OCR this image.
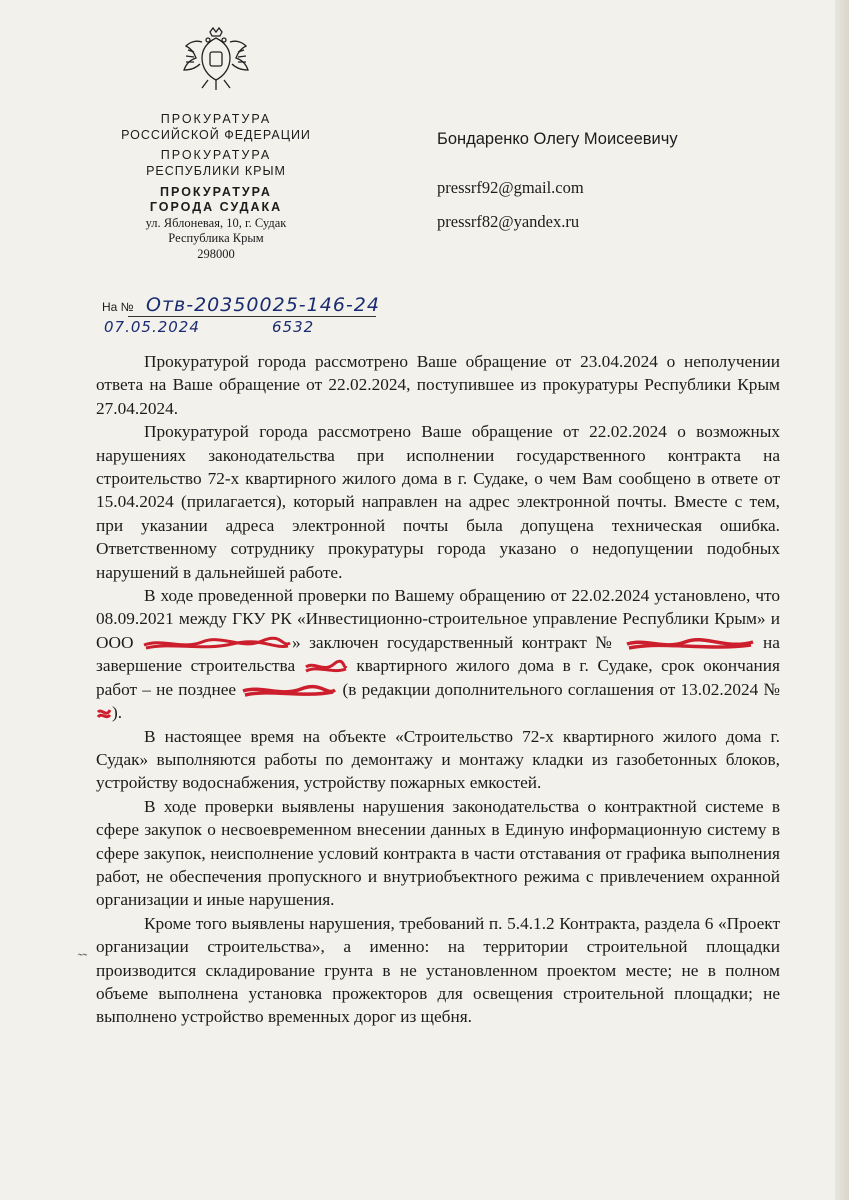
ПРОКУРАТУРА
РОССИЙСКОЙ ФЕДЕРАЦИИ
ПРОКУРАТУРА
РЕСПУБЛИКИ КРЫМ
ПРОКУРАТУРА
ГОРОДА СУДАКА
ул. Яблоневая, 10, г. Судак
Республика Крым
298000
Бондаренко Олегу Моисеевичу
pressrf92@gmail.com
pressrf82@yandex.ru
На № Отв-20350025-146-24
07.05.2024	6532
˜˜

Прокуратурой города рассмотрено Ваше обращение от 23.04.2024 о неполучении ответа на Ваше обращение от 22.02.2024, поступившее из прокуратуры Республики Крым 27.04.2024.

Прокуратурой города рассмотрено Ваше обращение от 22.02.2024 о возможных нарушениях законодательства при исполнении государственного контракта на строительство 72-х квартирного жилого дома в г. Судаке, о чем Вам сообщено в ответе от 15.04.2024 (прилагается), который направлен на адрес электронной почты. Вместе с тем, при указании адреса электронной почты была допущена техническая ошибка. Ответственному сотруднику прокуратуры города указано о недопущении подобных нарушений в дальнейшей работе.

В ходе проведенной проверки по Вашему обращению от 22.02.2024 установлено, что 08.09.2021 между ГКУ РК «Инвестиционно-строительное управление Республики Крым» и ООО	» заключен государственный контракт №	на завершение строительства	квартирного жилого дома в г. Судаке, срок окончания работ – не позднее	(в редакции дополнительного соглашения от 13.02.2024 № ).

В настоящее время на объекте «Строительство 72-х квартирного жилого дома г. Судак» выполняются работы по демонтажу и монтажу кладки из газобетонных блоков, устройству водоснабжения, устройству пожарных емкостей.

В ходе проверки выявлены нарушения законодательства о контрактной системе в сфере закупок о несвоевременном внесении данных в Единую информационную систему в сфере закупок, неисполнение условий контракта в части отставания от графика выполнения работ, не обеспечения пропускного и внутриобъектного режима с привлечением охранной организации и иные нарушения.

Кроме того выявлены нарушения, требований п. 5.4.1.2 Контракта, раздела 6 «Проект организации строительства», а именно: на территории строительной площадки производится складирование грунта в не установленном проектом месте; не в полном объеме выполнена установка прожекторов для освещения строительной площадки; не выполнено устройство временных дорог из щебня.
